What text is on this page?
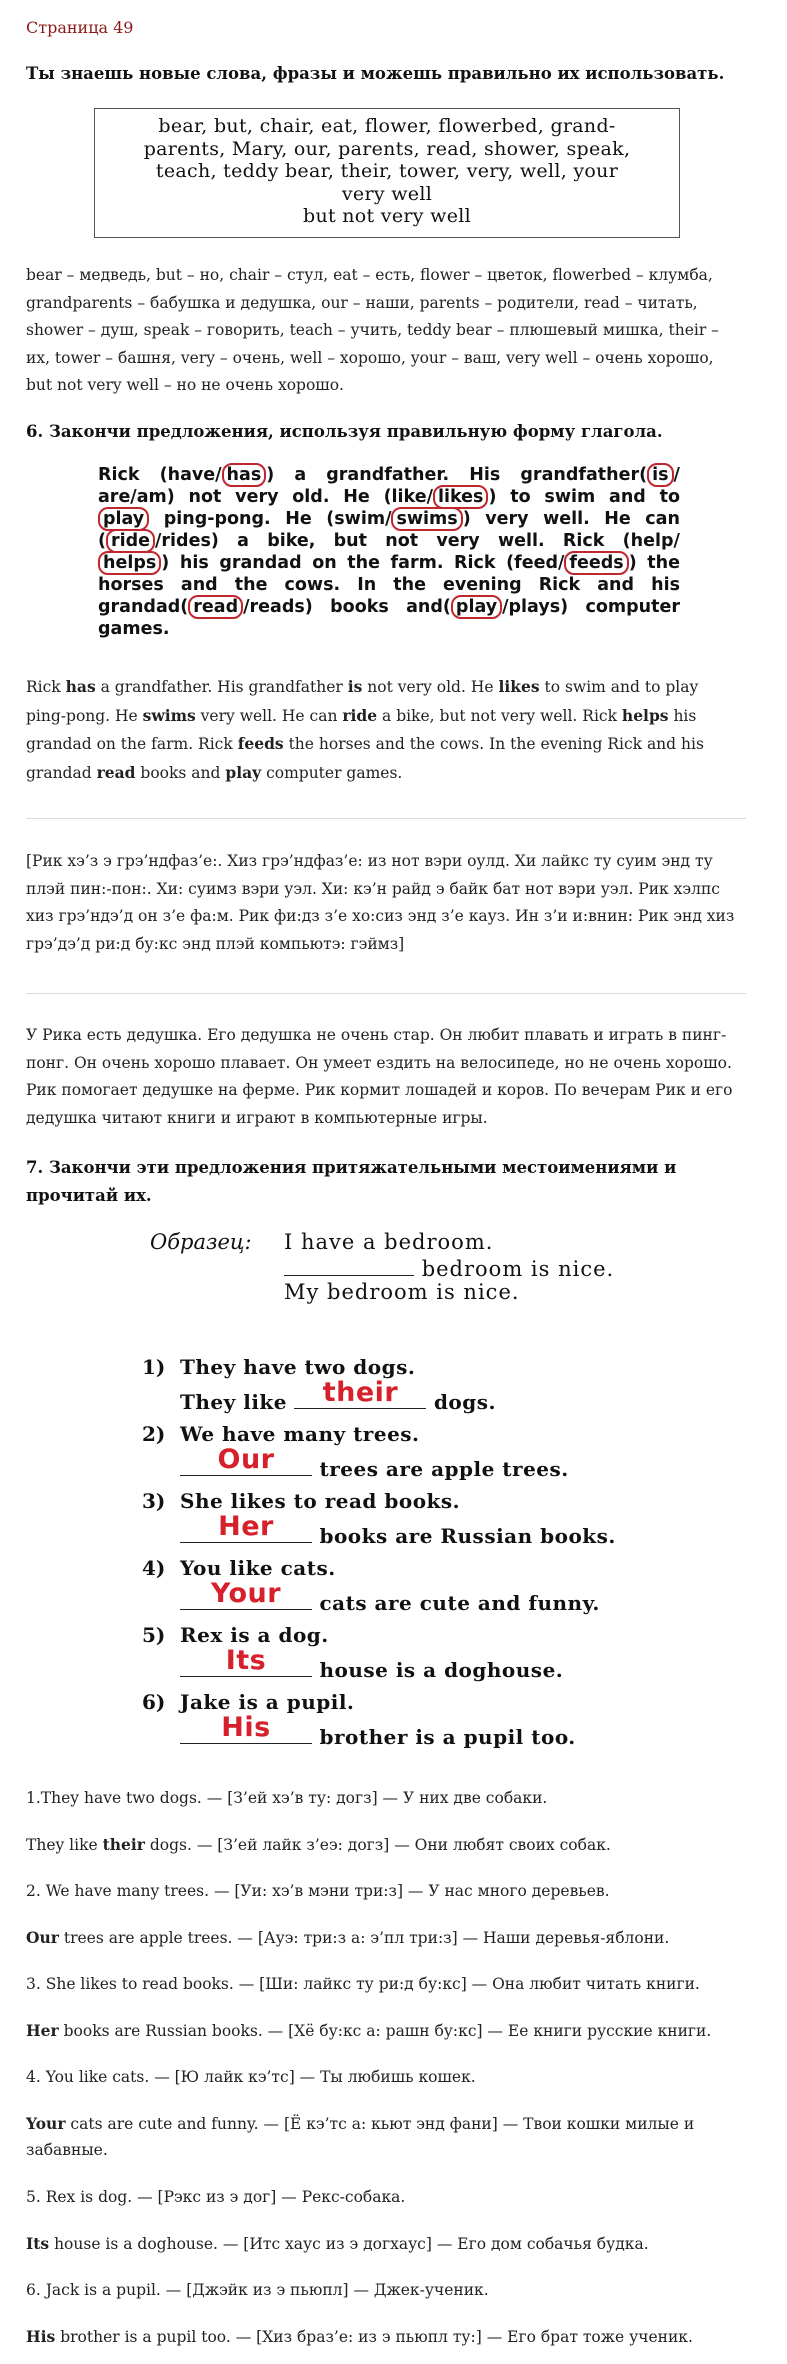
Страница 49
Ты знаешь новые слова, фразы и можешь правильно их использовать.
bear, but, chair, eat, flower, flowerbed, grand-
parents, Mary, our, parents, read, shower, speak,
teach, teddy bear, their, tower, very, well, your
very well
but not very well
bear – медведь, but – но, chair – стул, eat – есть, flower – цветок, flowerbed – клумба,
grandparents – бабушка и дедушка, our – наши, parents – родители, read – читать,
shower – душ, speak – говорить, teach – учить, teddy bear – плюшевый мишка, their –
их, tower – башня, very – очень, well – хорошо, your – ваш, very well – очень хорошо,
but not very well – но не очень хорошо.
6. Закончи предложения, используя правильную форму глагола.
Rick (have/ has ) a grandfather. His grandfather( is /
are/am) not very old. He (like/ likes ) to swim and to
play ping-pong. He (swim/ swims ) very well. He can
( ride /rides) a bike, but not very well. Rick (help/
helps ) his grandad on the farm. Rick (feed/ feeds ) the
horses and the cows. In the evening Rick and his
grandad( read /reads) books and( play /plays) computer
games.
Rick has a grandfather. His grandfather is not very old. He likes to swim and to play
ping-pong. He swims very well. He can ride a bike, but not very well. Rick helps his
grandad on the farm. Rick feeds the horses and the cows. In the evening Rick and his
grandad read books and play computer games.
[Рик хэ’з э грэ’ндфаз’е:. Хиз грэ’ндфаз’е: из нот вэри оулд. Хи лайкс ту суим энд ту
плэй пин:-пон:. Хи: суимз вэри уэл. Хи: кэ’н райд э байк бат нот вэри уэл. Рик хэлпс
хиз грэ’ндэ’д он з’е фа:м. Рик фи:дз з’е хо:сиз энд з’е кауз. Ин з’и и:внин: Рик энд хиз
грэ’дэ’д ри:д бу:кс энд плэй компьютэ: гэймз]
У Рика есть дедушка. Его дедушка не очень стар. Он любит плавать и играть в пинг-
понг. Он очень хорошо плавает. Он умеет ездить на велосипеде, но не очень хорошо.
Рик помогает дедушке на ферме. Рик кормит лошадей и коров. По вечерам Рик и его
дедушка читают книги и играют в компьютерные игры.
7. Закончи эти предложения притяжательными местоимениями и
прочитай их.
Образец: I have a bedroom.
bedroom is nice.
My bedroom is nice.
1) They have two dogs.
They like	their	dogs.
2) We have many trees.
Our	trees are apple trees.
3) She likes to read books.
Her	books are Russian books.
4) You like cats.
Your	cats are cute and funny.
5) Rex is a dog.
Its	house is a doghouse.
6) Jake is a pupil.
His	brother is a pupil too.
1.They have two dogs. — [З’ей хэ’в ту: догз] — У них две собаки.
They like their dogs. — [З’ей лайк з’еэ: догз] — Они любят своих собак.
2. We have many trees. — [Уи: хэ’в мэни три:з] — У нас много деревьев.
Our trees are apple trees. — [Ауэ: три:з а: э’пл три:з] — Наши деревья-яблони.
3. She likes to read books. — [Ши: лайкс ту ри:д бу:кс] — Она любит читать книги.
Her books are Russian books. — [Хё бу:кс а: рашн бу:кс] — Ее книги русские книги.
4. You like cats. — [Ю лайк кэ’тс] — Ты любишь кошек.
Your cats are cute and funny. — [Ё кэ’тс а: кьют энд фани] — Твои кошки милые и
забавные.
5. Rex is dog. — [Рэкс из э дог] — Рекс-собака.
Its house is a doghouse. — [Итс хаус из э догхаус] — Его дом собачья будка.
6. Jack is a pupil. — [Джэйк из э пьюпл] — Джек-ученик.
His brother is a pupil too. — [Хиз браз’е: из э пьюпл ту:] — Его брат тоже ученик.
